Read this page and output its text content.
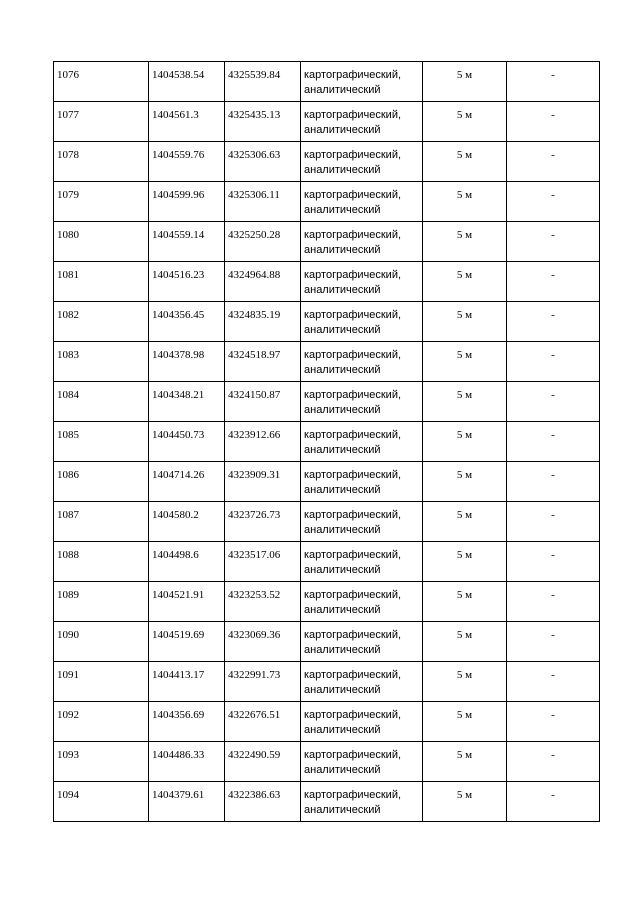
1076	1404538.54	4325539.84	картографический, аналитический	5 м	-
1077	1404561.3	4325435.13	картографический, аналитический	5 м	-
1078	1404559.76	4325306.63	картографический, аналитический	5 м	-
1079	1404599.96	4325306.11	картографический, аналитический	5 м	-
1080	1404559.14	4325250.28	картографический, аналитический	5 м	-
1081	1404516.23	4324964.88	картографический, аналитический	5 м	-
1082	1404356.45	4324835.19	картографический, аналитический	5 м	-
1083	1404378.98	4324518.97	картографический, аналитический	5 м	-
1084	1404348.21	4324150.87	картографический, аналитический	5 м	-
1085	1404450.73	4323912.66	картографический, аналитический	5 м	-
1086	1404714.26	4323909.31	картографический, аналитический	5 м	-
1087	1404580.2	4323726.73	картографический, аналитический	5 м	-
1088	1404498.6	4323517.06	картографический, аналитический	5 м	-
1089	1404521.91	4323253.52	картографический, аналитический	5 м	-
1090	1404519.69	4323069.36	картографический, аналитический	5 м	-
1091	1404413.17	4322991.73	картографический, аналитический	5 м	-
1092	1404356.69	4322676.51	картографический, аналитический	5 м	-
1093	1404486.33	4322490.59	картографический, аналитический	5 м	-
1094	1404379.61	4322386.63	картографический, аналитический	5 м	-
